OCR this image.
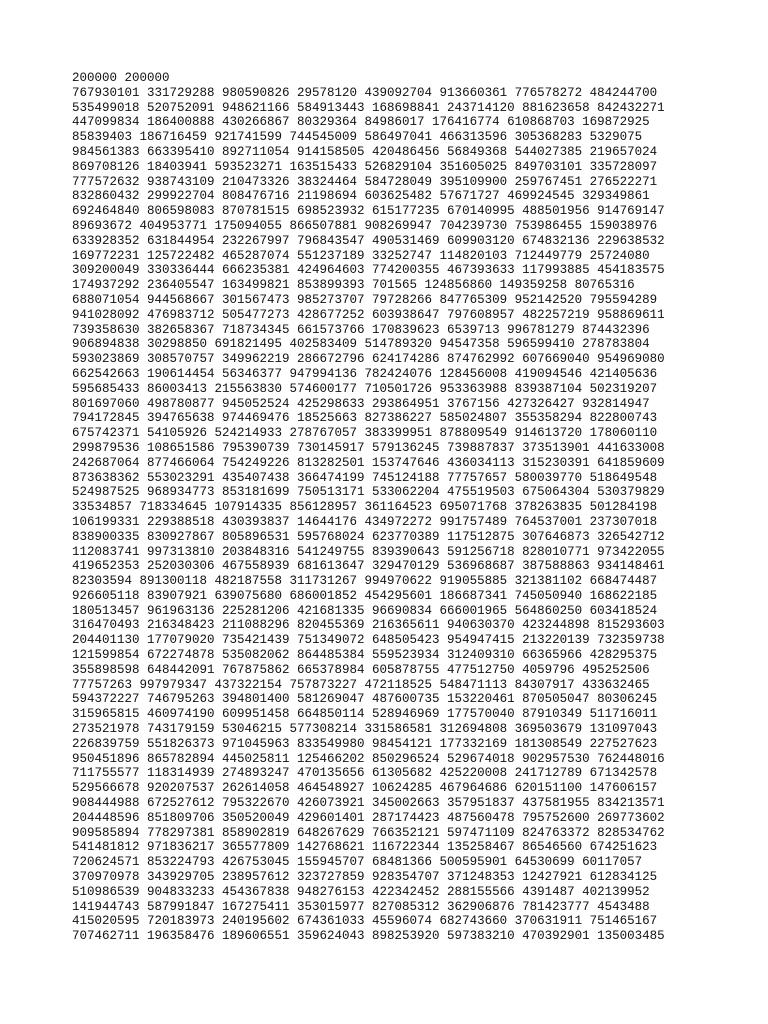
200000 200000
767930101 331729288 980590826 29578120 439092704 913660361 776578272 484244700
535499018 520752091 948621166 584913443 168698841 243714120 881623658 842432271
447099834 186400888 430266867 80329364 84986017 176416774 610868703 169872925
85839403 186716459 921741599 744545009 586497041 466313596 305368283 5329075
984561383 663395410 892711054 914158505 420486456 56849368 544027385 219657024
869708126 18403941 593523271 163515433 526829104 351605025 849703101 335728097
777572632 938743109 210473326 38324464 584728049 395109900 259767451 276522271
832860432 299922704 808476716 21198694 603625482 57671727 469924545 329349861
692464840 806598083 870781515 698523932 615177235 670140995 488501956 914769147
89693672 404953771 175094055 866507881 908269947 704239730 753986455 159038976
633928352 631844954 232267997 796843547 490531469 609903120 674832136 229638532
169772231 125722482 465287074 551237189 33252747 114820103 712449779 25724080
309200049 330336444 666235381 424964603 774200355 467393633 117993885 454183575
174937292 236405547 163499821 853899393 701565 124856860 149359258 80765316
688071054 944568667 301567473 985273707 79728266 847765309 952142520 795594289
941028092 476983712 505477273 428677252 603938647 797608957 482257219 958869611
739358630 382658367 718734345 661573766 170839623 6539713 996781279 874432396
906894838 30298850 691821495 402583409 514789320 94547358 596599410 278783804
593023869 308570757 349962219 286672796 624174286 874762992 607669040 954969080
662542663 190614454 56346377 947994136 782424076 128456008 419094546 421405636
595685433 86003413 215563830 574600177 710501726 953363988 839387104 502319207
801697060 498780877 945052524 425298633 293864951 3767156 427326427 932814947
794172845 394765638 974469476 18525663 827386227 585024807 355358294 822800743
675742371 54105926 524214933 278767057 383399951 878809549 914613720 178060110
299879536 108651586 795390739 730145917 579136245 739887837 373513901 441633008
242687064 877466064 754249226 813282501 153747646 436034113 315230391 641859609
873638362 553023291 435407438 366474199 745124188 77757657 580039770 518649548
524987525 968934773 853181699 750513171 533062204 475519503 675064304 530379829
33534857 718334645 107914335 856128957 361164523 695071768 378263835 501284198
106199331 229388518 430393837 14644176 434972272 991757489 764537001 237307018
838900335 830927867 805896531 595768024 623770389 117512875 307646873 326542712
112083741 997313810 203848316 541249755 839390643 591256718 828010771 973422055
419652353 252030306 467558939 681613647 329470129 536968687 387588863 934148461
82303594 891300118 482187558 311731267 994970622 919055885 321381102 668474487
926605118 83907921 639075680 686001852 454295601 186687341 745050940 168622185
180513457 961963136 225281206 421681335 96690834 666001965 564860250 603418524
316470493 216348423 211088296 820455369 216365611 940630370 423244898 815293603
204401130 177079020 735421439 751349072 648505423 954947415 213220139 732359738
121599854 672274878 535082062 864485384 559523934 312409310 66365966 428295375
355898598 648442091 767875862 665378984 605878755 477512750 4059796 495252506
77757263 997979347 437322154 757873227 472118525 548471113 84307917 433632465
594372227 746795263 394801400 581269047 487600735 153220461 870505047 80306245
315965815 460974190 609951458 664850114 528946969 177570040 87910349 511716011
273521978 743179159 53046215 577308214 331586581 312694808 369503679 131097043
226839759 551826373 971045963 833549980 98454121 177332169 181308549 227527623
950451896 865782894 445025811 125466202 850296524 529674018 902957530 762448016
711755577 118314939 274893247 470135656 61305682 425220008 241712789 671342578
529566678 920207537 262614058 464548927 10624285 467964686 620151100 147606157
908444988 672527612 795322670 426073921 345002663 357951837 437581955 834213571
204448596 851809706 350520049 429601401 287174423 487560478 795752600 269773602
909585894 778297381 858902819 648267629 766352121 597471109 824763372 828534762
541481812 971836217 365577809 142768621 116722344 135258467 86546560 674251623
720624571 853224793 426753045 155945707 68481366 500595901 64530699 60117057
370970978 343929705 238957612 323727859 928354707 371248353 12427921 612834125
510986539 904833233 454367838 948276153 422342452 288155566 4391487 402139952
141944743 587991847 167275411 353015977 827085312 362906876 781423777 4543488
415020595 720183973 240195602 674361033 45596074 682743660 370631911 751465167
707462711 196358476 189606551 359624043 898253920 597383210 470392901 135003485
